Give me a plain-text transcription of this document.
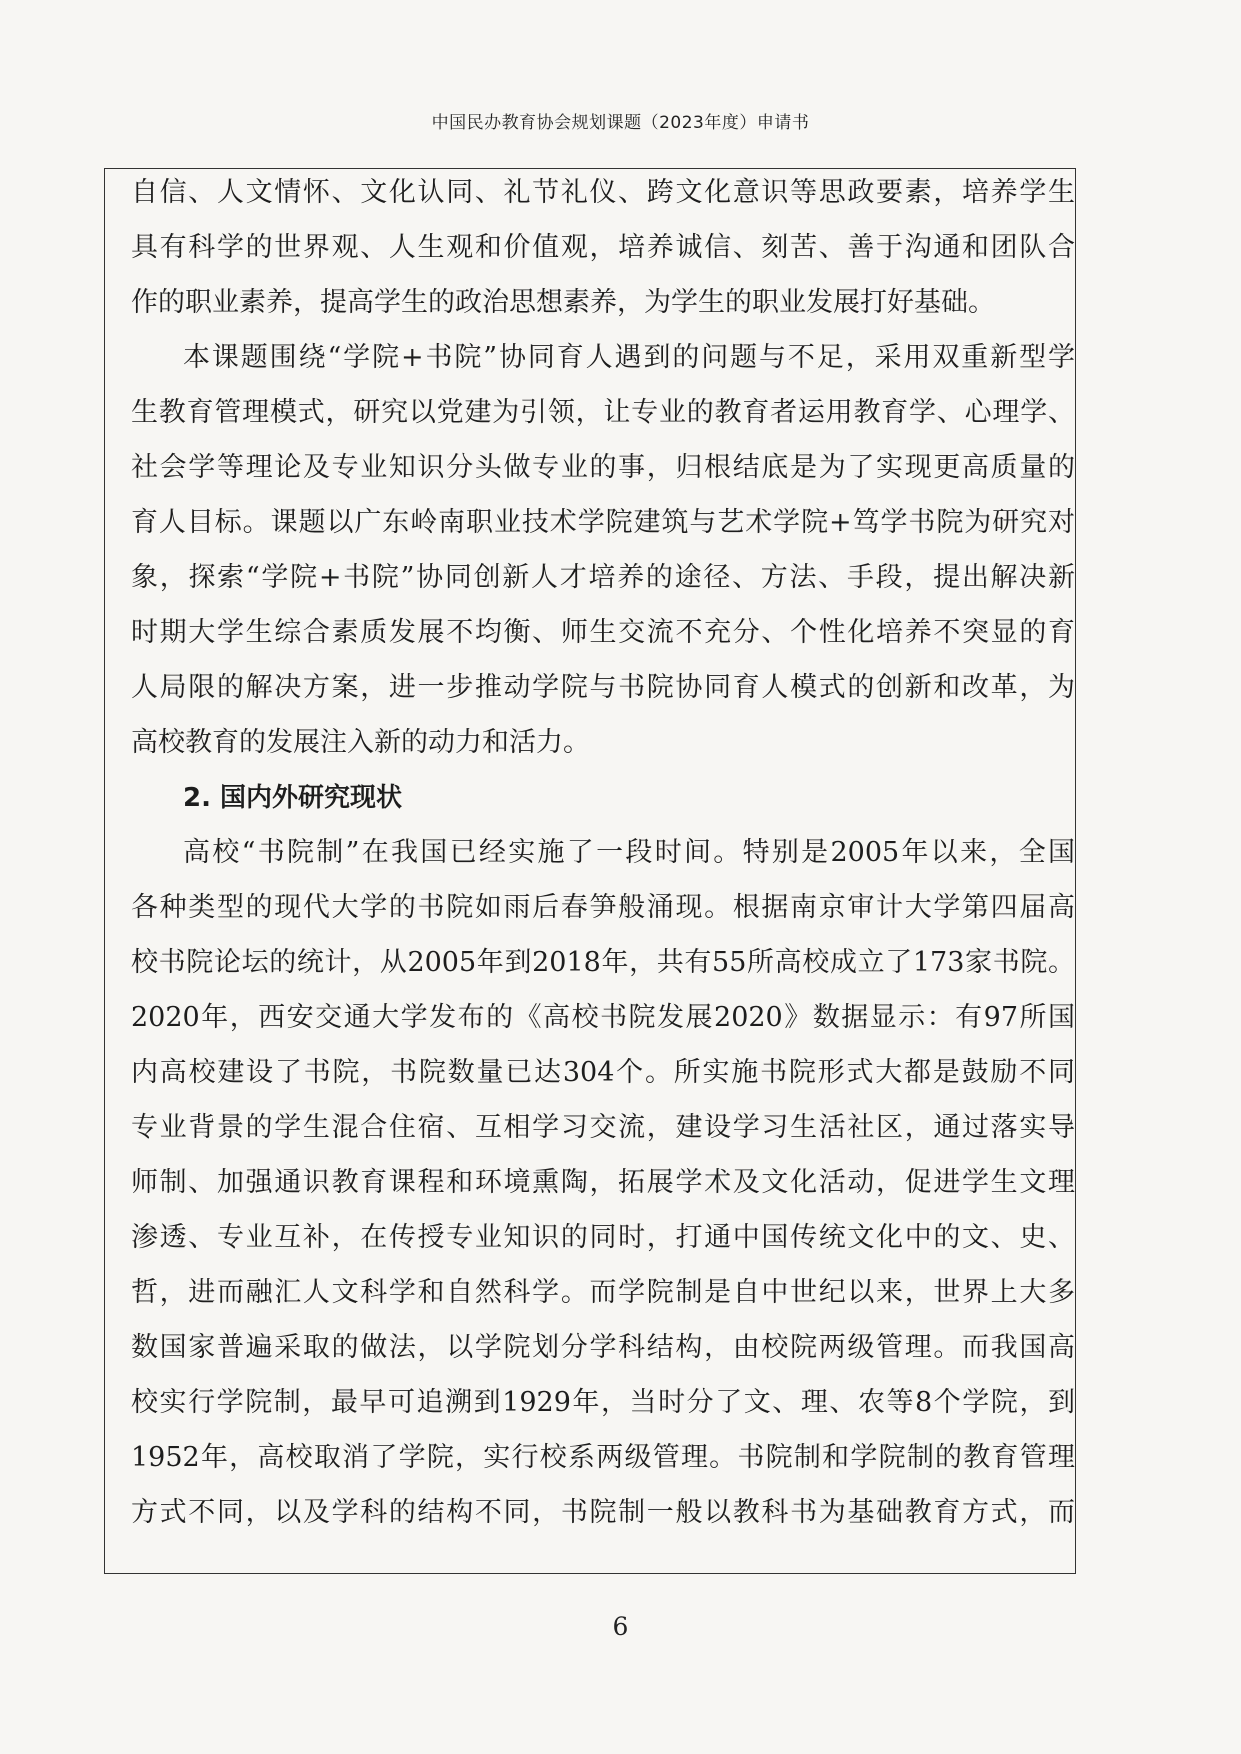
中国民办教育协会规划课题（2023年度）申请书
自信、人文情怀、文化认同、礼节礼仪、跨文化意识等思政要素，培养学生
具有科学的世界观、人生观和价值观，培养诚信、刻苦、善于沟通和团队合
作的职业素养，提高学生的政治思想素养，为学生的职业发展打好基础。
本课题围绕“学院+书院”协同育人遇到的问题与不足，采用双重新型学
生教育管理模式，研究以党建为引领，让专业的教育者运用教育学、心理学、
社会学等理论及专业知识分头做专业的事，归根结底是为了实现更高质量的
育人目标。课题以广东岭南职业技术学院建筑与艺术学院+笃学书院为研究对
象，探索“学院+书院”协同创新人才培养的途径、方法、手段，提出解决新
时期大学生综合素质发展不均衡、师生交流不充分、个性化培养不突显的育
人局限的解决方案，进一步推动学院与书院协同育人模式的创新和改革，为
高校教育的发展注入新的动力和活力。
2. 国内外研究现状
高校“书院制”在我国已经实施了一段时间。特别是2005年以来，全国
各种类型的现代大学的书院如雨后春笋般涌现。根据南京审计大学第四届高
校书院论坛的统计，从2005年到2018年，共有55所高校成立了173家书院。
2020年，西安交通大学发布的《高校书院发展2020》数据显示：有97所国
内高校建设了书院，书院数量已达304个。所实施书院形式大都是鼓励不同
专业背景的学生混合住宿、互相学习交流，建设学习生活社区，通过落实导
师制、加强通识教育课程和环境熏陶，拓展学术及文化活动，促进学生文理
渗透、专业互补，在传授专业知识的同时，打通中国传统文化中的文、史、
哲，进而融汇人文科学和自然科学。而学院制是自中世纪以来，世界上大多
数国家普遍采取的做法，以学院划分学科结构，由校院两级管理。而我国高
校实行学院制，最早可追溯到1929年，当时分了文、理、农等8个学院，到
1952年，高校取消了学院，实行校系两级管理。书院制和学院制的教育管理
方式不同，以及学科的结构不同，书院制一般以教科书为基础教育方式，而
6
